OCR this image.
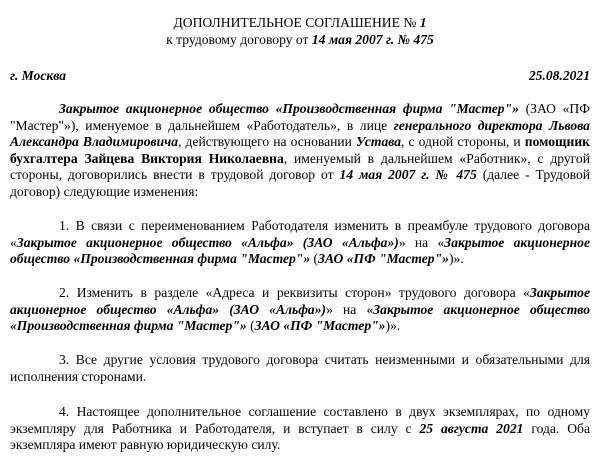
ДОПОЛНИТЕЛЬНОЕ СОГЛАШЕНИЕ № 1
к трудовому договору от 14 мая 2007 г. № 475
г. Москва	25.08.2021
Закрытое акционерное общество «Производственная фирма "Мастер"» (ЗАО «ПФ "Мастер"»), именуемое в дальнейшем «Работодатель», в лице генерального директора Львова Александра Владимировича, действующего на основании Устава, с одной стороны, и помощник бухгалтера Зайцева Виктория Николаевна, именуемый в дальнейшем «Работник», с другой стороны, договорились внести в трудовой договор от 14 мая 2007 г. № 475 (далее - Трудовой договор) следующие изменения:
1. В связи с переименованием Работодателя изменить в преамбуле трудового договора «Закрытое акционерное общество «Альфа» (ЗАО «Альфа»)» на «Закрытое акционерное общество «Производственная фирма "Мастер"» (ЗАО «ПФ "Мастер"»)».
2. Изменить в разделе «Адреса и реквизиты сторон» трудового договора «Закрытое акционерное общество «Альфа» (ЗАО «Альфа»)» на «Закрытое акционерное общество «Производственная фирма "Мастер"» (ЗАО «ПФ "Мастер"»)».
3. Все другие условия трудового договора считать неизменными и обязательными для исполнения сторонами.
4. Настоящее дополнительное соглашение составлено в двух экземплярах, по одному экземпляру для Работника и Работодателя, и вступает в силу с 25 августа 2021 года. Оба экземпляра имеют равную юридическую силу.
